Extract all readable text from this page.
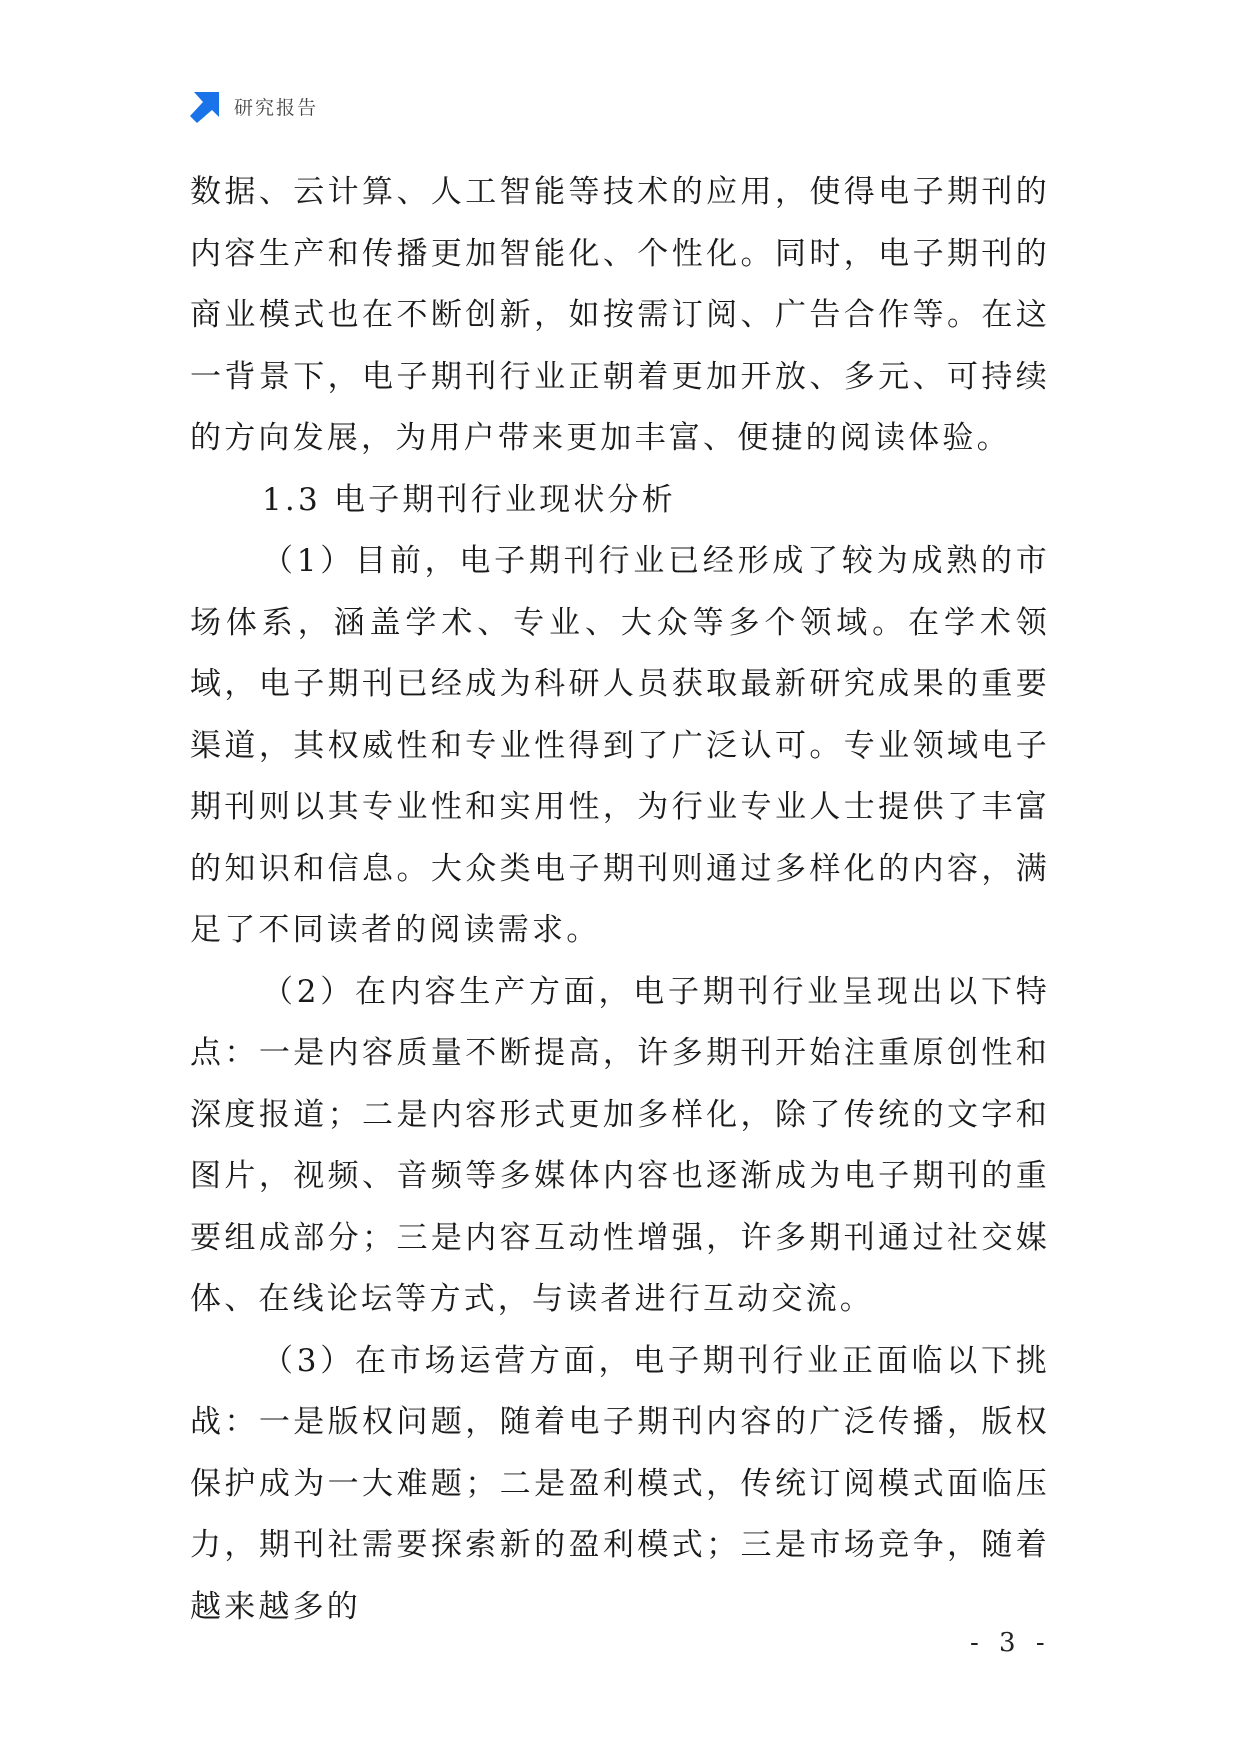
研究报告

数据、云计算、人工智能等技术的应用，使得电子期刊的内容生产和传播更加智能化、个性化。同时，电子期刊的商业模式也在不断创新，如按需订阅、广告合作等。在这一背景下，电子期刊行业正朝着更加开放、多元、可持续的方向发展，为用户带来更加丰富、便捷的阅读体验。

1.3 电子期刊行业现状分析

（1）目前，电子期刊行业已经形成了较为成熟的市场体系，涵盖学术、专业、大众等多个领域。在学术领域，电子期刊已经成为科研人员获取最新研究成果的重要渠道，其权威性和专业性得到了广泛认可。专业领域电子期刊则以其专业性和实用性，为行业专业人士提供了丰富的知识和信息。大众类电子期刊则通过多样化的内容，满足了不同读者的阅读需求。

（2）在内容生产方面，电子期刊行业呈现出以下特点：一是内容质量不断提高，许多期刊开始注重原创性和深度报道；二是内容形式更加多样化，除了传统的文字和图片，视频、音频等多媒体内容也逐渐成为电子期刊的重要组成部分；三是内容互动性增强，许多期刊通过社交媒体、在线论坛等方式，与读者进行互动交流。

（3）在市场运营方面，电子期刊行业正面临以下挑战：一是版权问题，随着电子期刊内容的广泛传播，版权保护成为一大难题；二是盈利模式，传统订阅模式面临压力，期刊社需要探索新的盈利模式；三是市场竞争，随着越来越多的

- 3 -
